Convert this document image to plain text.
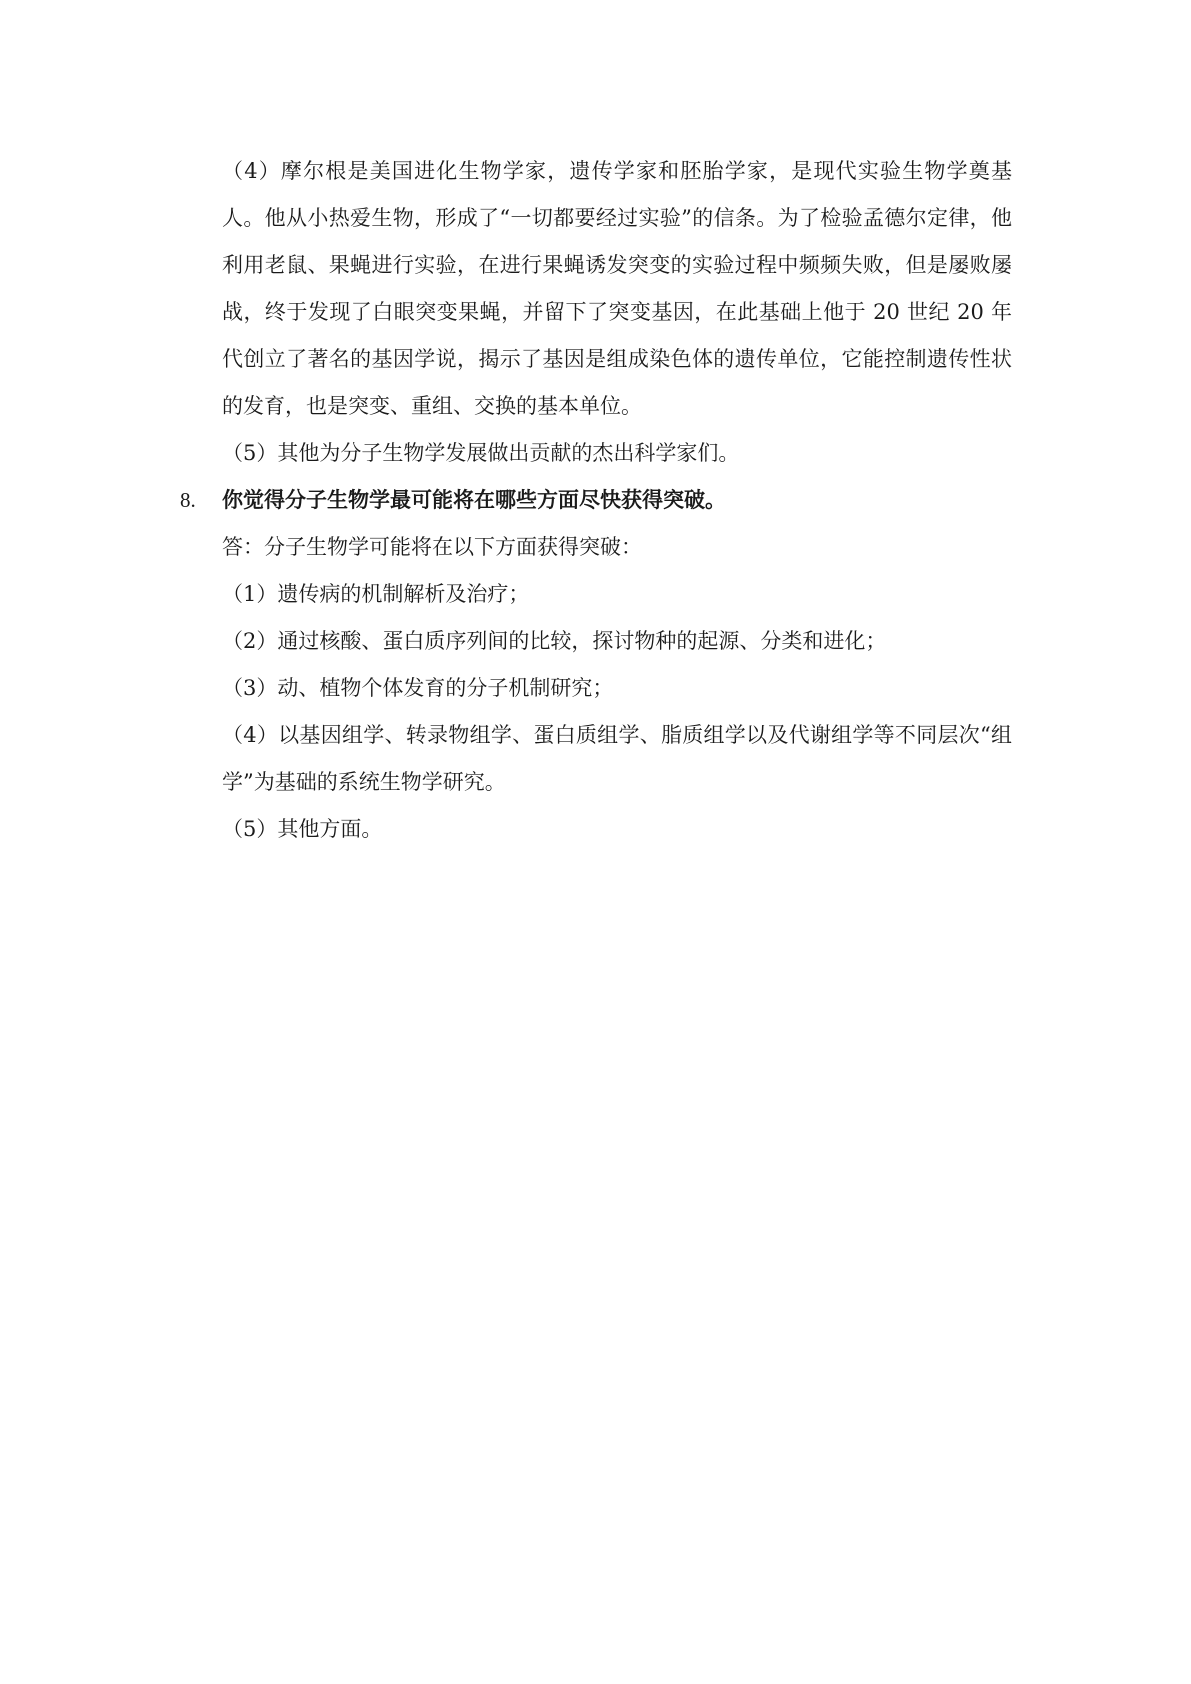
（4）摩尔根是美国进化生物学家，遗传学家和胚胎学家，是现代实验生物学奠基人。他从小热爱生物，形成了“一切都要经过实验”的信条。为了检验孟德尔定律，他利用老鼠、果蝇进行实验，在进行果蝇诱发突变的实验过程中频频失败，但是屡败屡战，终于发现了白眼突变果蝇，并留下了突变基因，在此基础上他于 20 世纪 20 年代创立了著名的基因学说，揭示了基因是组成染色体的遗传单位，它能控制遗传性状的发育，也是突变、重组、交换的基本单位。

（5）其他为分子生物学发展做出贡献的杰出科学家们。

8. 你觉得分子生物学最可能将在哪些方面尽快获得突破。

答：分子生物学可能将在以下方面获得突破：

（1）遗传病的机制解析及治疗；

（2）通过核酸、蛋白质序列间的比较，探讨物种的起源、分类和进化；

（3）动、植物个体发育的分子机制研究；

（4）以基因组学、转录物组学、蛋白质组学、脂质组学以及代谢组学等不同层次“组学”为基础的系统生物学研究。

（5）其他方面。
